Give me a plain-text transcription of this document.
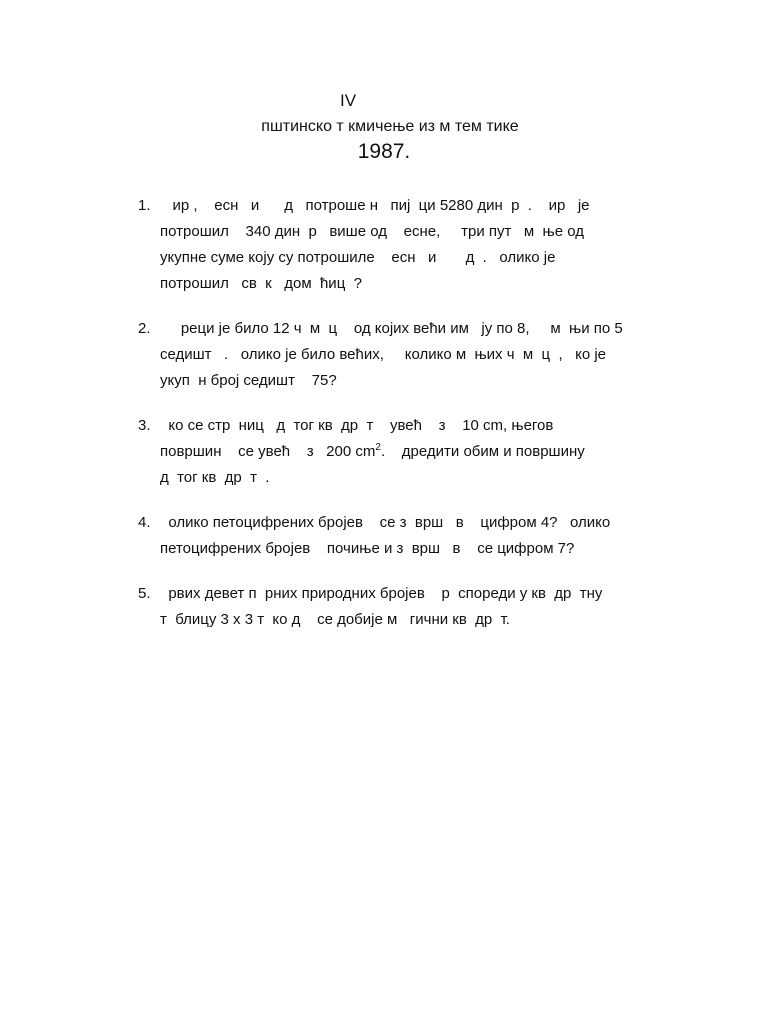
IV
пштинско т кмичење из м тем тике
1987.
1. ир ,    есн   и      д   потроше н   пиј  ци 5280 дин  р  .    ир   је
потрошил    340 дин  р   више од    есне,     три пут   м  ње од
укупне суме коју су потрошиле    есн   и       д  .   олико је
потрошил   св  к   дом  ћиц  ?
2. реци је било 12 ч  м  ц    од којих већи им   ју по 8,     м  њи по 5
седишт   .   олико је било већих,     колико м  њих ч  м  ц  ,   ко је
укуп  н број седишт    75?
3. ко се стр  ниц   д  тог кв  др  т    увећ    з    10 cm, његов
површин    се увећ    з   200 $cm^2$.    дредити обим и површину
д  тог кв  др  т  .
4. олико петоцифрених бројев    се з  врш   в    цифром 4?   олико
петоцифрених бројев    почиње и з  врш   в    се цифром 7?
5. рвих девет п  рних природних бројев    р  спореди у кв  др  тну
т  блицу 3 х 3 т  ко д    се добије м   гични кв  др  т.
